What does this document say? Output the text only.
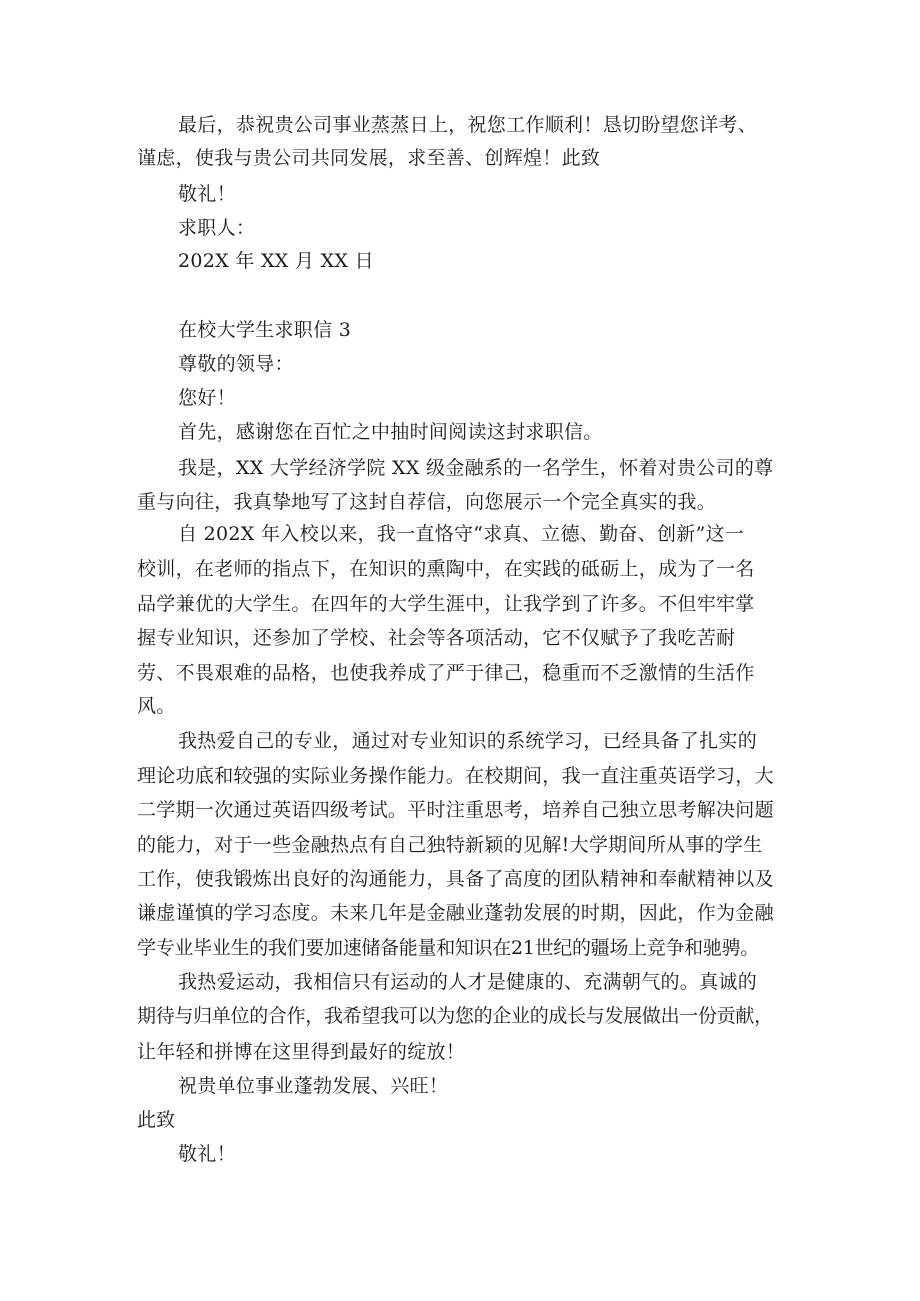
最后，恭祝贵公司事业蒸蒸日上，祝您工作顺利！恳切盼望您详考、
谨虑，使我与贵公司共同发展，求至善、创辉煌！此致
敬礼！
求职人：
202X 年 XX 月 XX 日
在校大学生求职信 3
尊敬的领导：
您好！
首先，感谢您在百忙之中抽时间阅读这封求职信。
我是，XX 大学经济学院 XX 级金融系的一名学生，怀着对贵公司的尊
重与向往，我真挚地写了这封自荐信，向您展示一个完全真实的我。
自 202X 年入校以来，我一直恪守“求真、立德、勤奋、创新”这一
校训，在老师的指点下，在知识的熏陶中，在实践的砥砺上，成为了一名
品学兼优的大学生。在四年的大学生涯中，让我学到了许多。不但牢牢掌
握专业知识，还参加了学校、社会等各项活动，它不仅赋予了我吃苦耐
劳、不畏艰难的品格，也使我养成了严于律己，稳重而不乏激情的生活作
风。
我热爱自己的专业，通过对专业知识的系统学习，已经具备了扎实的
理论功底和较强的实际业务操作能力。在校期间，我一直注重英语学习，大
二学期一次通过英语四级考试。平时注重思考，培养自己独立思考解决问题
的能力，对于一些金融热点有自己独特新颖的见解!大学期间所从事的学生
工作，使我锻炼出良好的沟通能力，具备了高度的团队精神和奉献精神以及
谦虚谨慎的学习态度。未来几年是金融业蓬勃发展的时期，因此，作为金融
学专业毕业生的我们要加速储备能量和知识在21世纪的疆场上竞争和驰骋。
我热爱运动，我相信只有运动的人才是健康的、充满朝气的。真诚的
期待与归单位的合作，我希望我可以为您的企业的成长与发展做出一份贡献，
让年轻和拼博在这里得到最好的绽放！
祝贵单位事业蓬勃发展、兴旺！
此致
敬礼！
